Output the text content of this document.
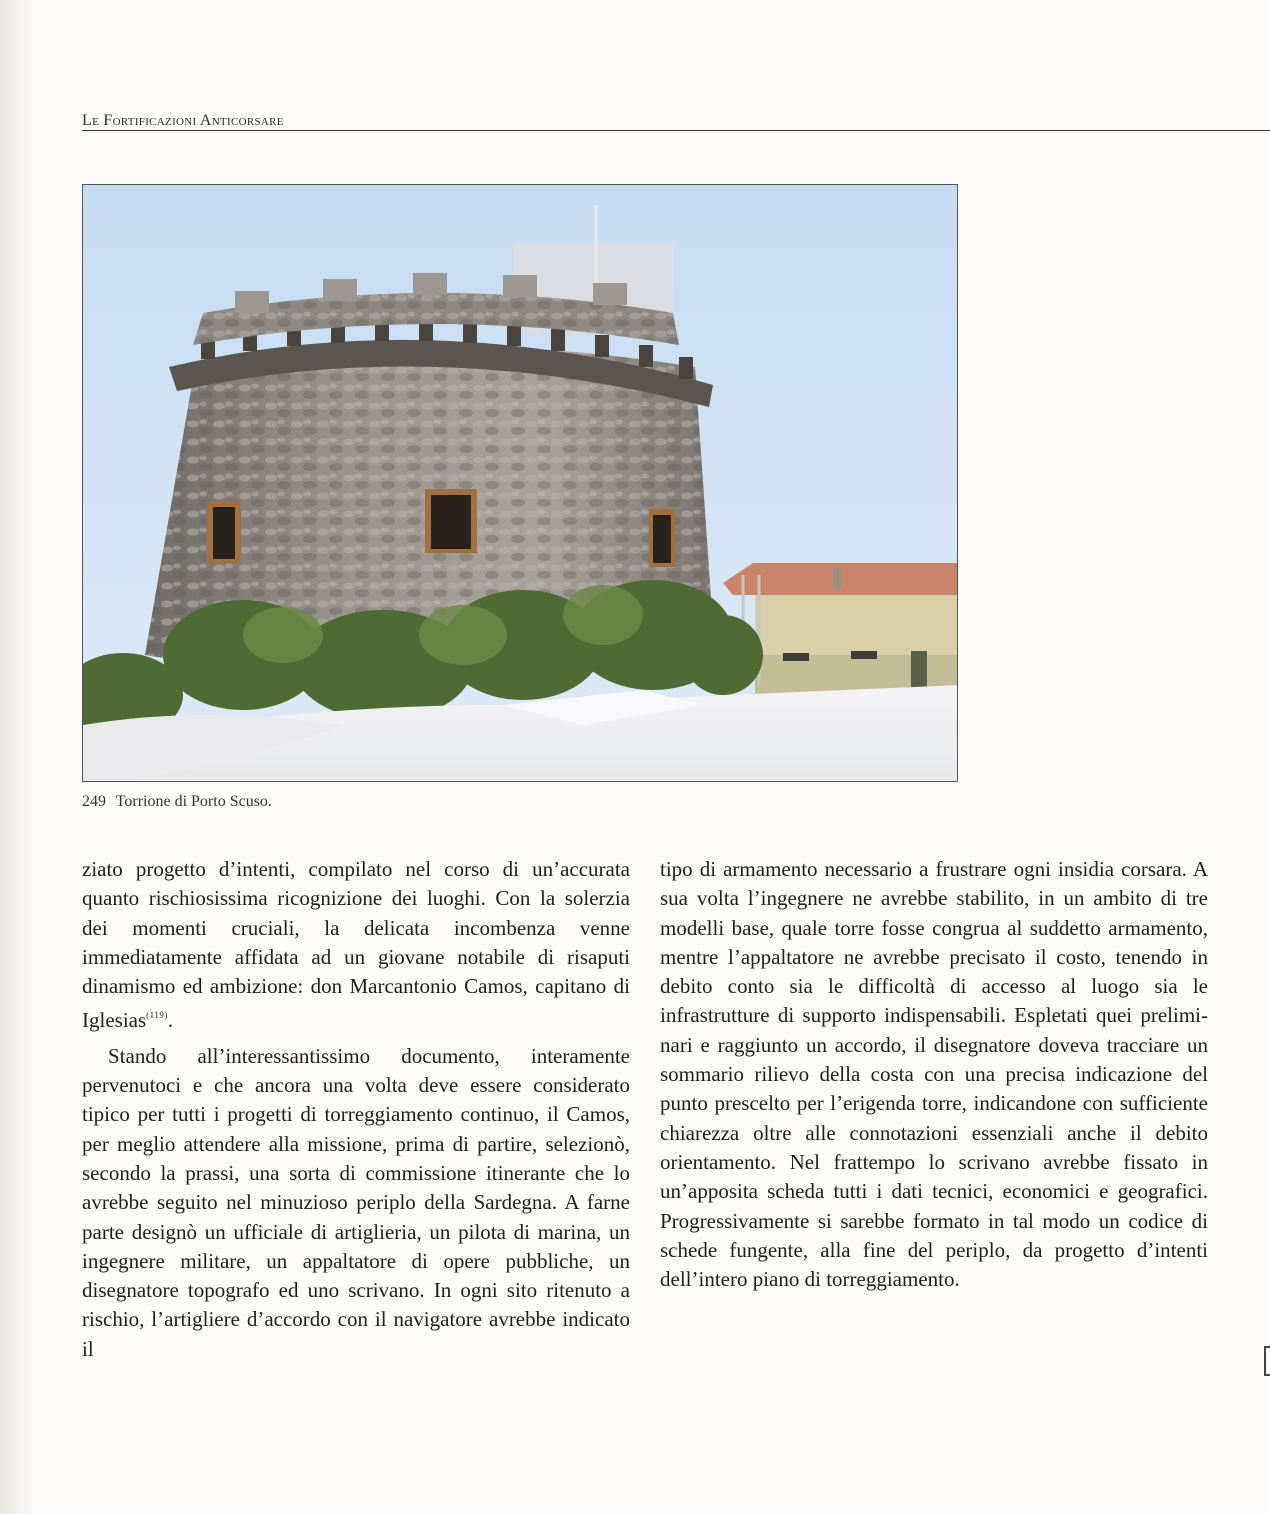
Le Fortificazioni Anticorsare
249 Torrione di Porto Scuso.

ziato progetto d’intenti, compilato nel corso di un’accurata quanto rischiosissima ricognizione dei luoghi. Con la solerzia dei momenti cruciali, la delicata incombenza venne immediatamente affidata ad un giovane notabile di risaputi dinamismo ed ambizione: don Marcantonio Camos, capitano di Iglesias$^{(119)}$.

Stando all’interessantissimo documento, interamente pervenutoci e che ancora una volta deve essere considerato tipico per tutti i progetti di torreggiamento continuo, il Camos, per meglio attendere alla missione, prima di partire, selezionò, secondo la prassi, una sorta di commissione itinerante che lo avrebbe seguito nel minuzioso periplo della Sardegna. A farne parte designò un ufficiale di artiglieria, un pilota di marina, un ingegnere militare, un appaltatore di opere pubbliche, un disegnatore topografo ed uno scrivano. In ogni sito ritenuto a rischio, l’artigliere d’accordo con il navigatore avrebbe indicato il

tipo di armamento necessario a frustrare ogni insidia corsara. A sua volta l’ingegnere ne avrebbe stabilito, in un ambito di tre modelli base, quale torre fosse congrua al suddetto armamento, mentre l’appaltatore ne avrebbe precisato il costo, tenendo in debito conto sia le difficoltà di accesso al luogo sia le infrastrutture di supporto indispensabili. Espletati quei preliminari e raggiunto un accordo, il disegnatore doveva tracciare un sommario rilievo della costa con una precisa indicazione del punto prescelto per l’erigenda torre, indicandone con sufficiente chiarezza oltre alle connotazioni essenziali anche il debito orientamento. Nel frattempo lo scrivano avrebbe fissato in un’apposita scheda tutti i dati tecnici, economici e geografici. Progressivamente si sarebbe formato in tal modo un codice di schede fungente, alla fine del periplo, da progetto d’intenti dell’intero piano di torreggiamento.
